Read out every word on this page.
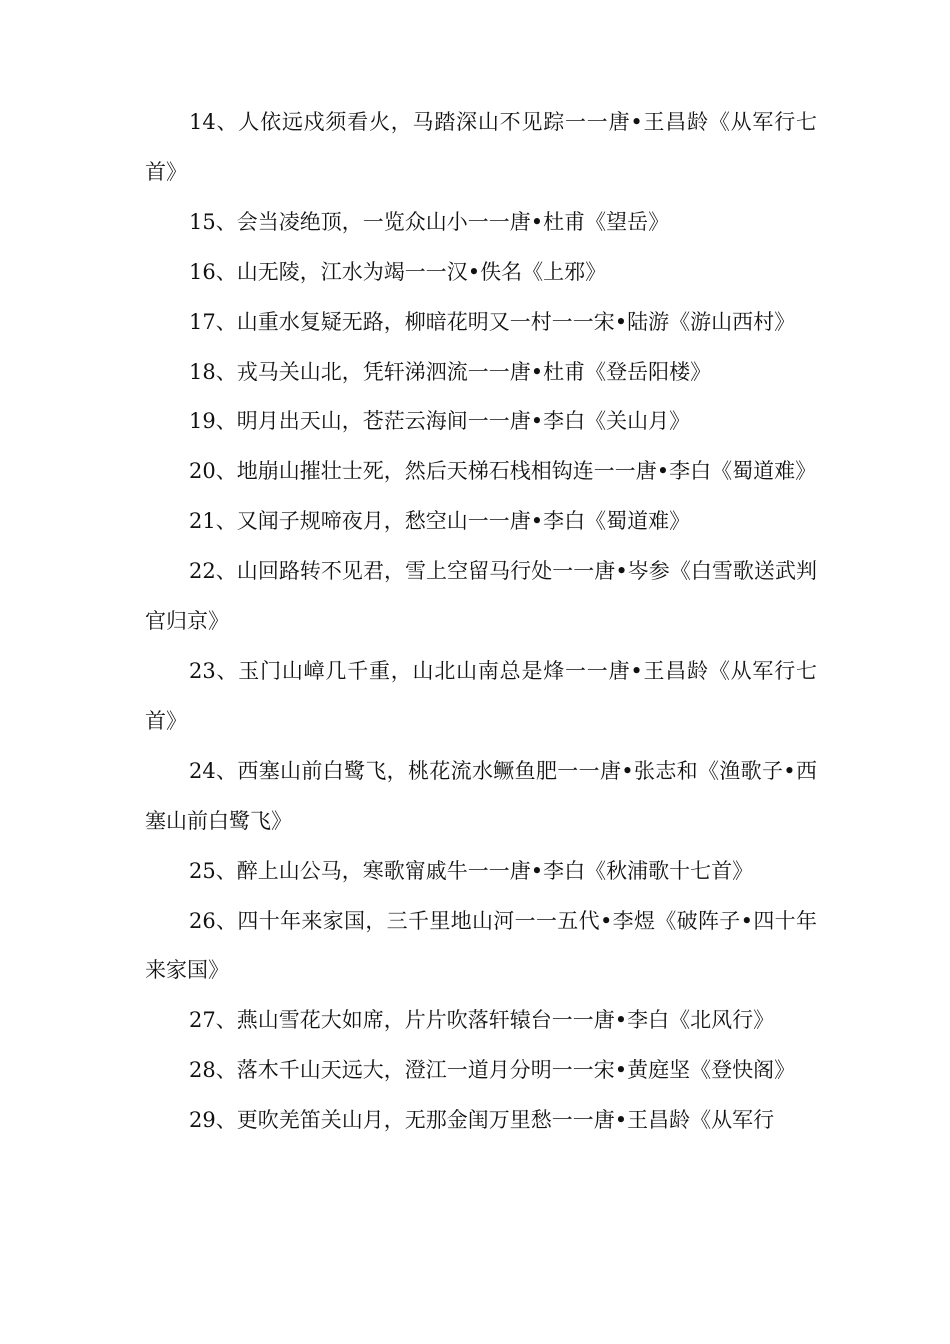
14、人依远戍须看火，马踏深山不见踪一一唐•王昌龄《从军行七首》

15、会当凌绝顶，一览众山小一一唐•杜甫《望岳》

16、山无陵，江水为竭一一汉•佚名《上邪》

17、山重水复疑无路，柳暗花明又一村一一宋•陆游《游山西村》

18、戎马关山北，凭轩涕泗流一一唐•杜甫《登岳阳楼》

19、明月出天山，苍茫云海间一一唐•李白《关山月》

20、地崩山摧壮士死，然后天梯石栈相钩连一一唐•李白《蜀道难》

21、又闻子规啼夜月，愁空山一一唐•李白《蜀道难》

22、山回路转不见君，雪上空留马行处一一唐•岑参《白雪歌送武判官归京》

23、玉门山嶂几千重，山北山南总是烽一一唐•王昌龄《从军行七首》

24、西塞山前白鹭飞，桃花流水鳜鱼肥一一唐•张志和《渔歌子•西塞山前白鹭飞》

25、醉上山公马，寒歌甯戚牛一一唐•李白《秋浦歌十七首》

26、四十年来家国，三千里地山河一一五代•李煜《破阵子•四十年来家国》

27、燕山雪花大如席，片片吹落轩辕台一一唐•李白《北风行》

28、落木千山天远大，澄江一道月分明一一宋•黄庭坚《登快阁》

29、更吹羌笛关山月，无那金闺万里愁一一唐•王昌龄《从军行
